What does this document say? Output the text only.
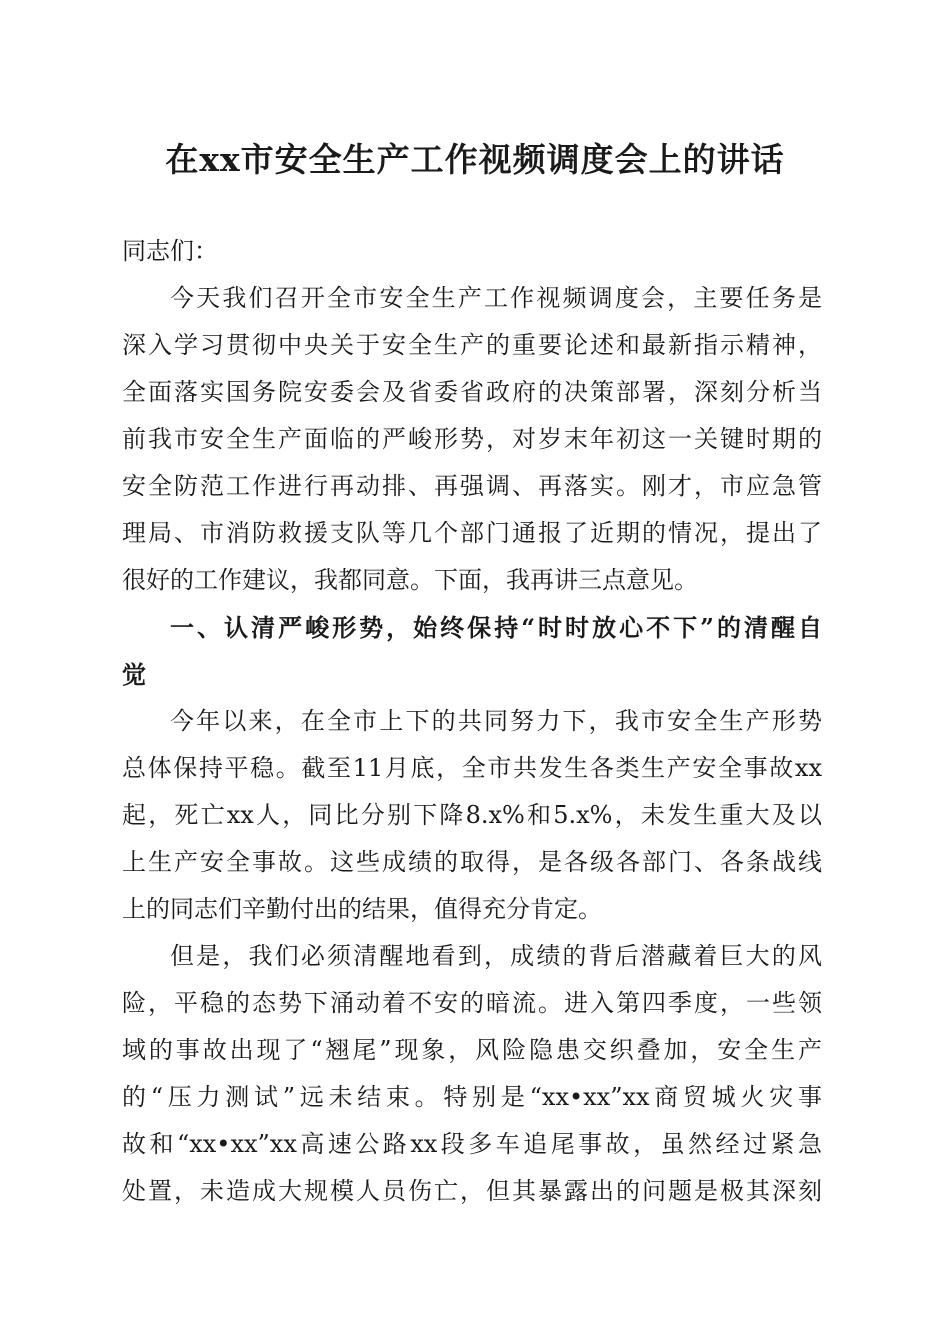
在xx市安全生产工作视频调度会上的讲话

同志们：

今天我们召开全市安全生产工作视频调度会，主要任务是

深入学习贯彻中央关于安全生产的重要论述和最新指示精神，

全面落实国务院安委会及省委省政府的决策部署，深刻分析当

前我市安全生产面临的严峻形势，对岁末年初这一关键时期的

安全防范工作进行再动排、再强调、再落实。刚才，市应急管

理局、市消防救援支队等几个部门通报了近期的情况，提出了

很好的工作建议，我都同意。下面，我再讲三点意见。

一、认清严峻形势，始终保持“时时放心不下”的清醒自

觉

今年以来，在全市上下的共同努力下，我市安全生产形势

总体保持平稳。截至11月底，全市共发生各类生产安全事故xx

起，死亡xx人，同比分别下降8.x%和5.x%，未发生重大及以

上生产安全事故。这些成绩的取得，是各级各部门、各条战线

上的同志们辛勤付出的结果，值得充分肯定。

但是，我们必须清醒地看到，成绩的背后潜藏着巨大的风

险，平稳的态势下涌动着不安的暗流。进入第四季度，一些领

域的事故出现了“翘尾”现象，风险隐患交织叠加，安全生产

的“压力测试”远未结束。特别是“xx•xx”xx商贸城火灾事

故和“xx•xx”xx高速公路xx段多车追尾事故，虽然经过紧急

处置，未造成大规模人员伤亡，但其暴露出的问题是极其深刻
